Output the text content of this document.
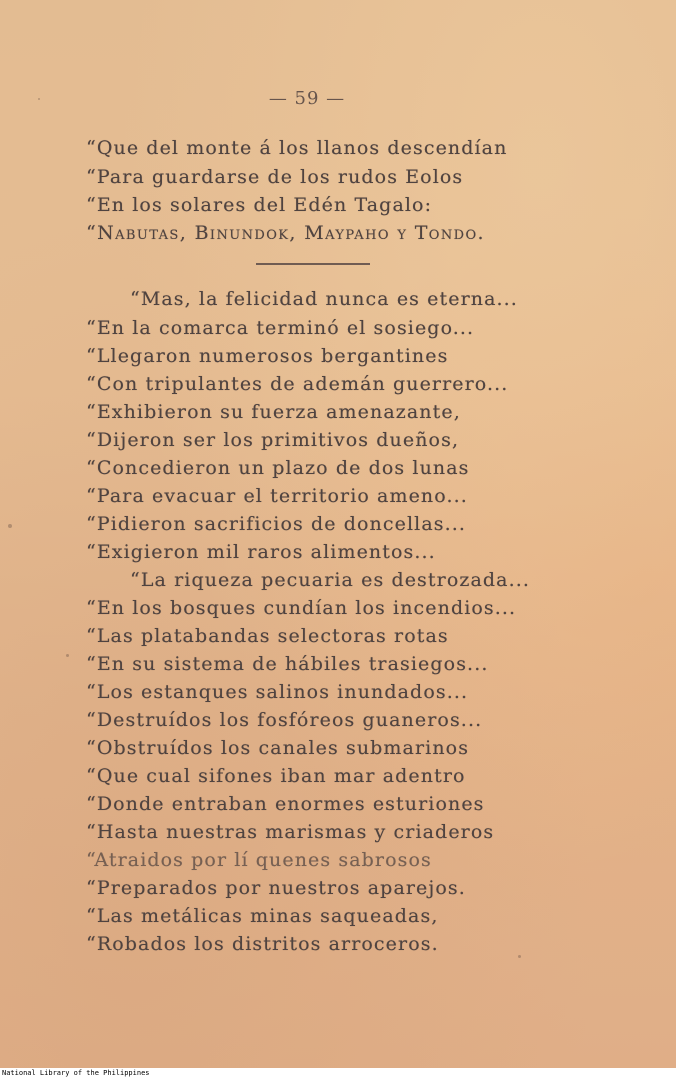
— 59 —
“Que del monte á los llanos descendían
“Para guardarse de los rudos Eolos
“En los solares del Edén Tagalo:
“Nabutas, Binundok, Maypaho y Tondo.
“Mas, la felicidad nunca es eterna...
“En la comarca terminó el sosiego...
“Llegaron numerosos bergantines
“Con tripulantes de ademán guerrero...
“Exhibieron su fuerza amenazante,
“Dijeron ser los primitivos dueños,
“Concedieron un plazo de dos lunas
“Para evacuar el territorio ameno...
“Pidieron sacrificios de doncellas...
“Exigieron mil raros alimentos...
“La riqueza pecuaria es destrozada...
“En los bosques cundían los incendios...
“Las platabandas selectoras rotas
“En su sistema de hábiles trasiegos...
“Los estanques salinos inundados...
“Destruídos los fosfóreos guaneros...
“Obstruídos los canales submarinos
“Que cual sifones iban mar adentro
“Donde entraban enormes esturiones
“Hasta nuestras marismas y criaderos
“Atraidos por lí quenes sabrosos
“Preparados por nuestros aparejos.
“Las metálicas minas saqueadas,
“Robados los distritos arroceros.
National Library of the Philippines
